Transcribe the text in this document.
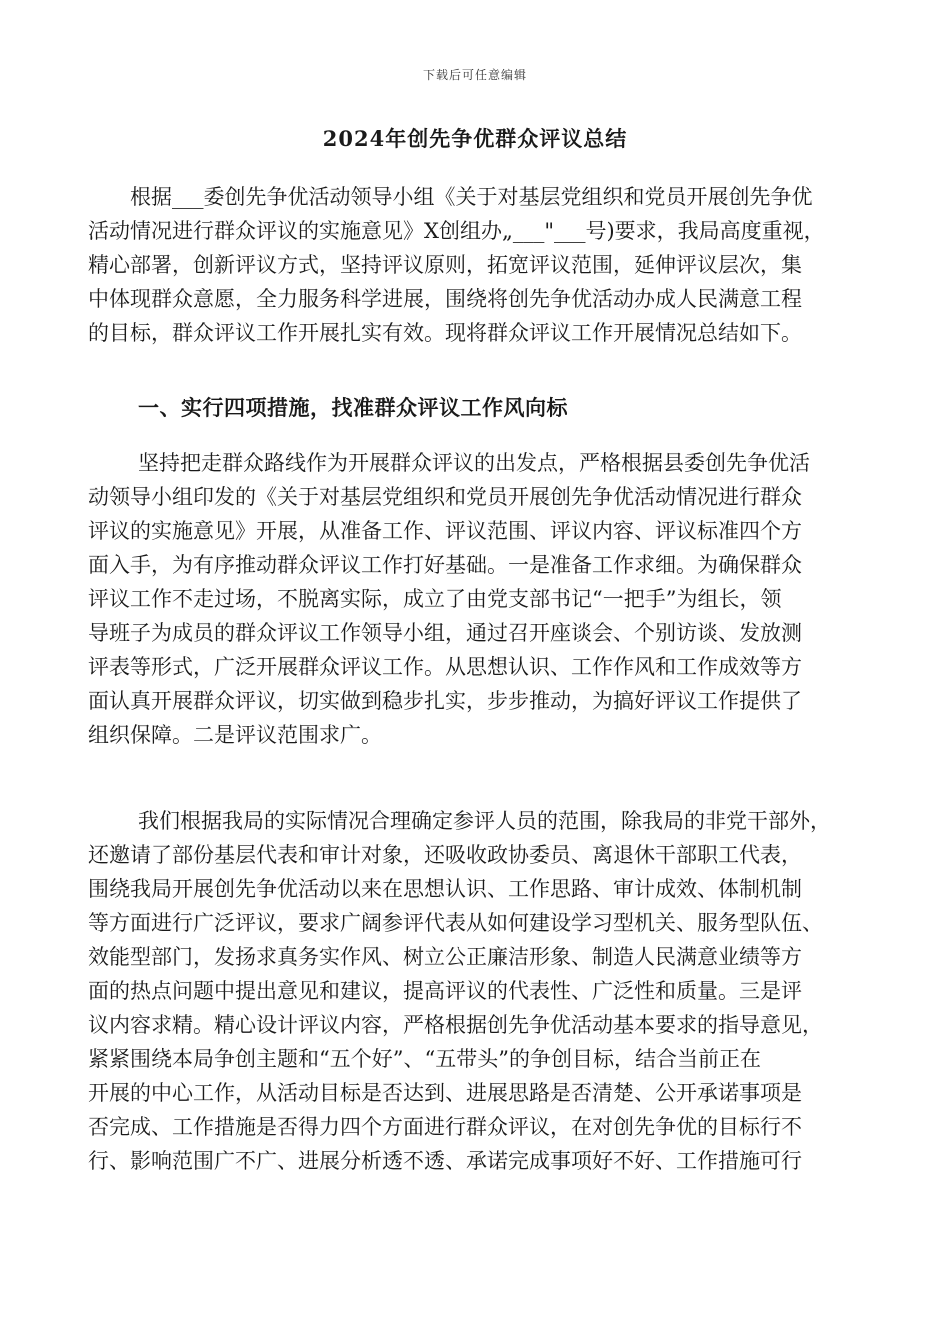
下载后可任意编辑
2024年创先争优群众评议总结
根据___委创先争优活动领导小组《关于对基层党组织和党员开展创先争优
活动情况进行群众评议的实施意见》X创组办„___"___号)要求，我局高度重视，
精心部署，创新评议方式，坚持评议原则，拓宽评议范围，延伸评议层次，集
中体现群众意愿，全力服务科学进展，围绕将创先争优活动办成人民满意工程
的目标，群众评议工作开展扎实有效。现将群众评议工作开展情况总结如下。
一、实行四项措施，找准群众评议工作风向标
坚持把走群众路线作为开展群众评议的出发点，严格根据县委创先争优活
动领导小组印发的《关于对基层党组织和党员开展创先争优活动情况进行群众
评议的实施意见》开展，从准备工作、评议范围、评议内容、评议标准四个方
面入手，为有序推动群众评议工作打好基础。一是准备工作求细。为确保群众
评议工作不走过场，不脱离实际，成立了由党支部书记“一把手”为组长，领
导班子为成员的群众评议工作领导小组，通过召开座谈会、个别访谈、发放测
评表等形式，广泛开展群众评议工作。从思想认识、工作作风和工作成效等方
面认真开展群众评议，切实做到稳步扎实，步步推动，为搞好评议工作提供了
组织保障。二是评议范围求广。
我们根据我局的实际情况合理确定参评人员的范围，除我局的非党干部外，
还邀请了部份基层代表和审计对象，还吸收政协委员、离退休干部职工代表，
围绕我局开展创先争优活动以来在思想认识、工作思路、审计成效、体制机制
等方面进行广泛评议，要求广阔参评代表从如何建设学习型机关、服务型队伍、
效能型部门，发扬求真务实作风、树立公正廉洁形象、制造人民满意业绩等方
面的热点问题中提出意见和建议，提高评议的代表性、广泛性和质量。三是评
议内容求精。精心设计评议内容，严格根据创先争优活动基本要求的指导意见，
紧紧围绕本局争创主题和“五个好”、“五带头”的争创目标，结合当前正在
开展的中心工作，从活动目标是否达到、进展思路是否清楚、公开承诺事项是
否完成、工作措施是否得力四个方面进行群众评议，在对创先争优的目标行不
行、影响范围广不广、进展分析透不透、承诺完成事项好不好、工作措施可行
